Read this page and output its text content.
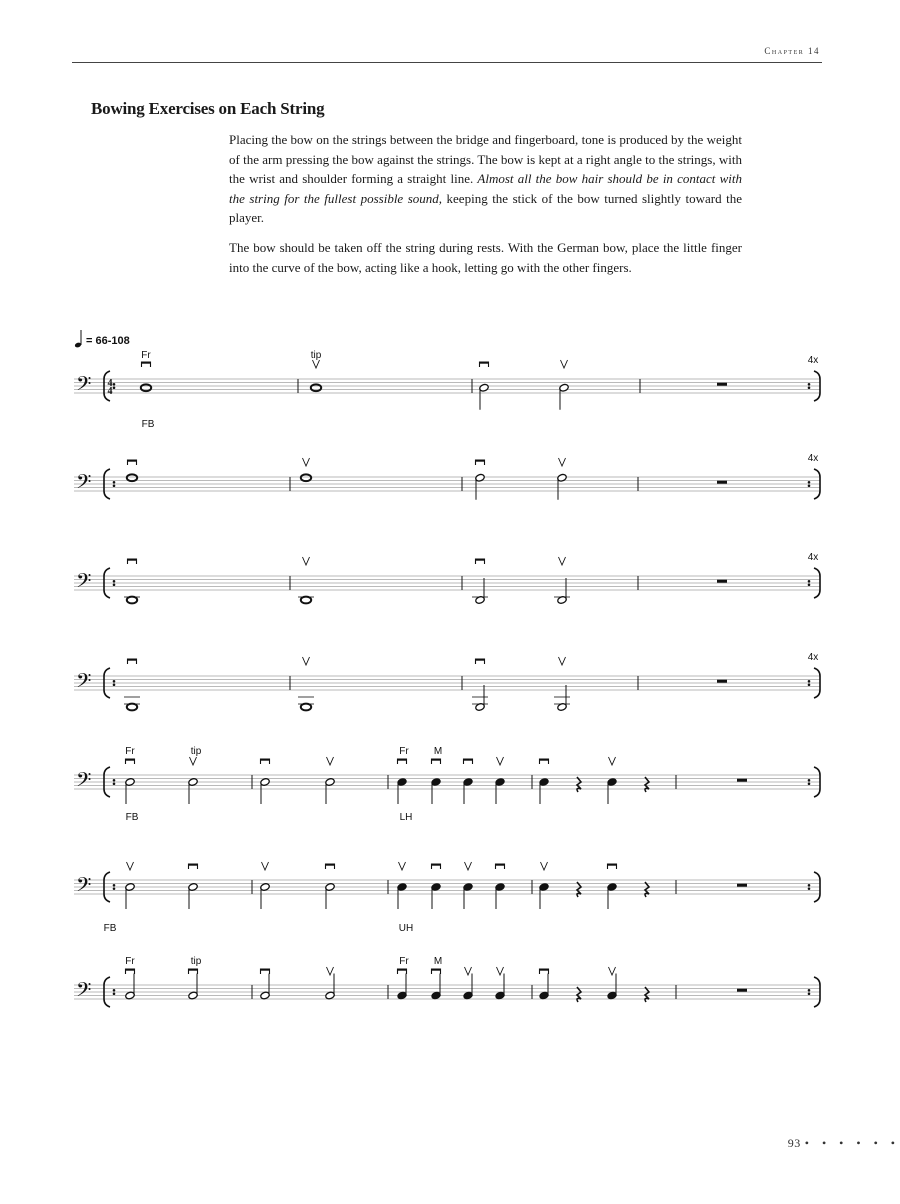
Chapter 14
Bowing Exercises on Each String

Placing the bow on the strings between the bridge and fingerboard, tone is produced by the weight of the arm pressing the bow against the strings. The bow is kept at a right angle to the strings, with the wrist and shoulder forming a straight line. Almost all the bow hair should be in contact with the string for the fullest possible sound, keeping the stick of the bow turned slightly toward the player.

The bow should be taken off the string during rests. With the German bow, place the little finger into the curve of the bow, acting like a hook, letting go with the other fingers.

= 66-108
𝄢
4x
4
4
Fr	tip
FB
𝄢
4x
𝄢
4x
𝄢
4x
𝄢
Fr	tip	Fr	M
FB	LH
𝄢
FB	UH
𝄢
Fr	tip	Fr	M
93 • • • • • •
